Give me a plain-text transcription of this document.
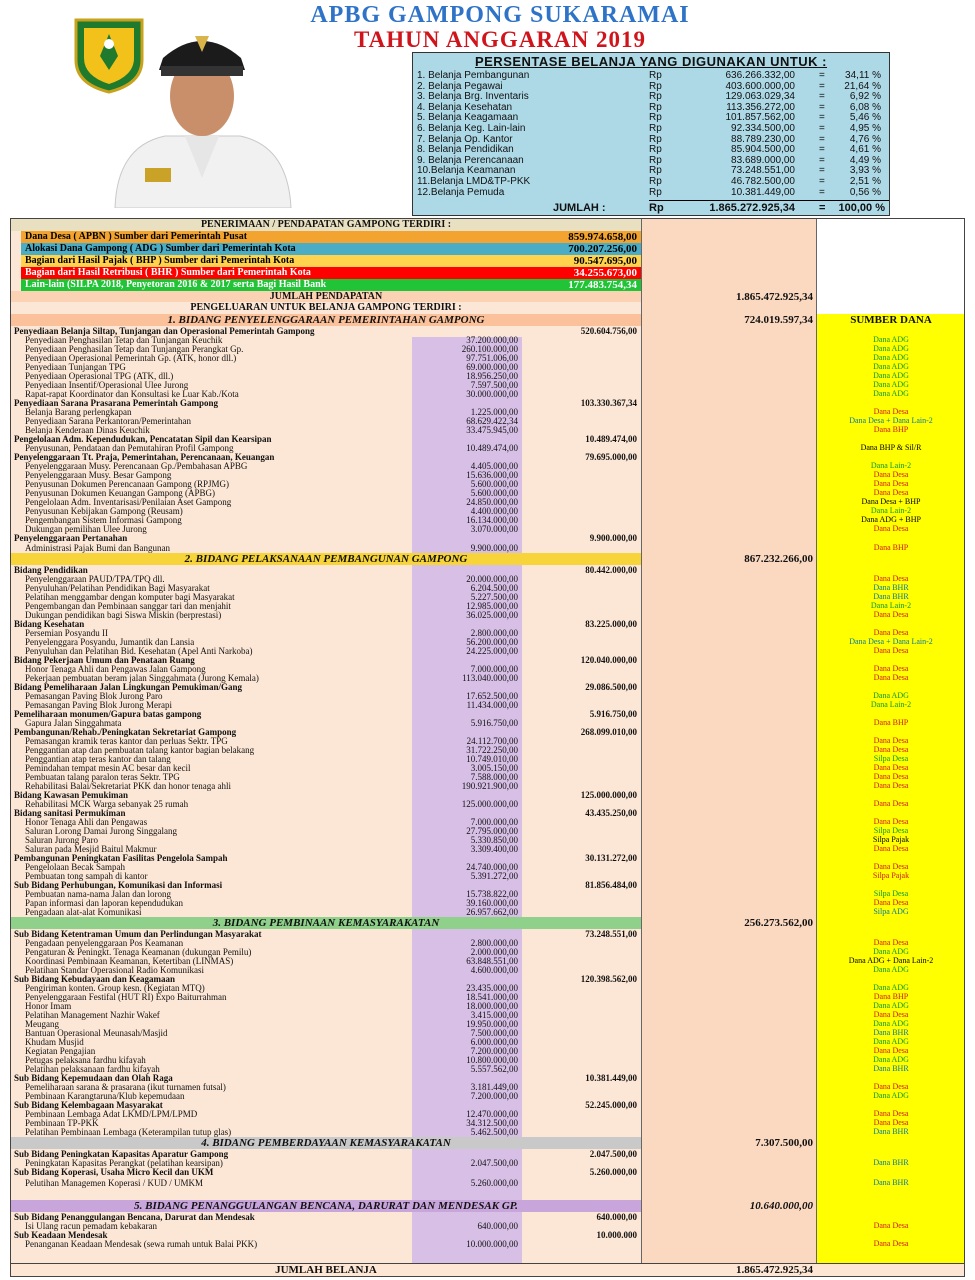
APBG GAMPONG SUKARAMAI
TAHUN ANGGARAN 2019
PERSENTASE BELANJA YANG DIGUNAKAN UNTUK :
1. Belanja Pembangunan	Rp	636.266.332,00 =	34,11 %
2. Belanja Pegawai	Rp	403.600.000,00 =	21,64 %
3. Belanja Brg. Inventaris	Rp	129.063.029,34 =	6,92 %
4. Belanja Kesehatan	Rp	113.356.272,00 =	6,08 %
5. Belanja Keagamaan	Rp	101.857.562,00 =	5,46 %
6. Belanja Keg. Lain-lain	Rp	92.334.500,00 =	4,95 %
7. Belanja Op. Kantor	Rp	88.789.230,00 =	4,76 %
8. Belanja Pendidikan	Rp	85.904.500,00 =	4,61 %
9. Belanja Perencanaan	Rp	83.689.000,00 =	4,49 %
10.Belanja Keamanan	Rp	73.248.551,00 =	3,93 %
11.Belanja LMD&TP-PKK	Rp	46.782.500,00 =	2,51 %
12.Belanja Pemuda	Rp	10.381.449,00 =	0,56 %
JUMLAH :	Rp	1.865.272.925,34 =	100,00 %
PENERIMAAN / PENDAPATAN GAMPONG TERDIRI :
Dana Desa ( APBN ) Sumber dari Pemerintah Pusat	859.974.658,00
Alokasi Dana Gampong ( ADG ) Sumber dari Pemerintah Kota	700.207.256,00
Bagian dari Hasil Pajak ( BHP ) Sumber dari Pemerintah Kota	90.547.695,00
Bagian dari Hasil Retribusi ( BHR ) Sumber dari Pemerintah Kota	34.255.673,00
Lain-lain (SILPA 2018, Penyetoran 2016 & 2017 serta Bagi Hasil Bank	177.483.754,34
JUMLAH PENDAPATAN	1.865.472.925,34
PENGELUARAN UNTUK BELANJA GAMPONG TERDIRI :
SUMBER DANA
1. BIDANG PENYELENGGARAAN PEMERINTAHAN GAMPONG	724.019.597,34
Penyediaan Belanja Siltap, Tunjangan dan Operasional Pemerintah Gampong	520.604.756,00
Penyediaan Penghasilan Tetap dan Tunjangan Keuchik	37.200.000,00	Dana ADG
Penyediaan Penghasilan Tetap dan Tunjangan Perangkat Gp.	260.100.000,00	Dana ADG
Penyediaan Operasional Pemerintah Gp. (ATK, honor dll.)	97.751.006,00	Dana ADG
Penyediaan Tunjangan TPG	69.000.000,00	Dana ADG
Penyediaan Operasional TPG (ATK, dll.)	18.956.250,00	Dana ADG
Penyediaan Insentif/Operasional Ulee Jurong	7.597.500,00	Dana ADG
Rapat-rapat Koordinator dan Konsultasi ke Luar Kab./Kota	30.000.000,00	Dana ADG
Penyediaan Sarana Prasarana Pemerintah Gampong	103.330.367,34
Belanja Barang perlengkapan	1.225.000,00	Dana Desa
Penyediaan Sarana Perkantoran/Pemerintahan	68.629.422,34	Dana Desa + Dana Lain-2
Belanja Kenderaan Dinas Keuchik	33.475.945,00	Dana BHP
Pengelolaan Adm. Kependudukan, Pencatatan Sipil dan Kearsipan	10.489.474,00
Penyusunan, Pendataan dan Pemutahiran Profil Gampong	10.489.474,00	Dana BHP & Sil/R
Penyelenggaraan Tt. Praja, Pemerintahan, Perencanaan, Keuangan	79.695.000,00
Penyelenggaraan Musy. Perencanaan Gp./Pembahasan APBG	4.405.000,00	Dana Lain-2
Penyelenggaraan Musy. Besar Gampong	15.636.000,00	Dana Desa
Penyusunan Dokumen Perencanaan Gampong (RPJMG)	5.600.000,00	Dana Desa
Penyusunan Dokumen Keuangan Gampong (APBG)	5.600.000,00	Dana Desa
Pengelolaan Adm. Inventarisasi/Penilaian Aset Gampong	24.850.000,00	Dana Desa + BHP
Penyusunan Kebijakan Gampong (Reusam)	4.400.000,00	Dana Lain-2
Pengembangan Sistem Informasi Gampong	16.134.000,00	Dana ADG + BHP
Dukungan pemilihan Ulee Jurong	3.070.000,00	Dana Desa
Penyelenggaraan Pertanahan	9.900.000,00
Administrasi Pajak Bumi dan Bangunan	9.900.000,00	Dana BHP
2. BIDANG PELAKSANAAN PEMBANGUNAN GAMPONG	867.232.266,00
Bidang Pendidikan	80.442.000,00
Penyelenggaraan PAUD/TPA/TPQ dll.	20.000.000,00	Dana Desa
Penyuluhan/Pelatihan Pendidikan Bagi Masyarakat	6.204.500,00	Dana BHR
Pelatihan menggambar dengan komputer bagi Masyarakat	5.227.500,00	Dana BHR
Pengembangan dan Pembinaan sanggar tari dan menjahit	12.985.000,00	Dana Lain-2
Dukungan pendidikan bagi Siswa Miskin (berprestasi)	36.025.000,00	Dana Desa
Bidang Kesehatan	83.225.000,00
Persemian Posyandu II	2.800.000,00	Dana Desa
Penyelenggara Posyandu, Jumantik dan Lansia	56.200.000,00	Dana Desa + Dana Lain-2
Penyuluhan dan Pelatihan Bid. Kesehatan (Apel Anti Narkoba)	24.225.000,00	Dana Desa
Bidang Pekerjaan Umum dan Penataan Ruang	120.040.000,00
Honor Tenaga Ahli dan Pengawas Jalan Gampong	7.000.000,00	Dana Desa
Pekerjaan pembuatan beram jalan Singgahmata (Jurong Kemala)	113.040.000,00	Dana Desa
Bidang Pemeliharaan Jalan Lingkungan Pemukiman/Gang	29.086.500,00
Pemasangan Paving Blok Jurong Paro	17.652.500,00	Dana ADG
Pemasangan Paving Blok Jurong Merapi	11.434.000,00	Dana Lain-2
Pemeliharaan monumen/Gapura batas gampong	5.916.750,00
Gapura Jalan Singgahmata	5.916.750,00	Dana BHP
Pembangunan/Rehab./Peningkatan Sekretariat Gampong	268.099.010,00
Pemasangan kramik teras kantor dan perluas Sektr. TPG	24.112.700,00	Dana Desa
Penggantian atap dan pembuatan talang kantor bagian belakang	31.722.250,00	Dana Desa
Penggantian atap teras kantor dan talang	10.749.010,00	Silpa Desa
Pemindahan tempat mesin AC besar dan kecil	3.005.150,00	Dana Desa
Pembuatan talang paralon teras Sektr. TPG	7.588.000,00	Dana Desa
Rehabilitasi Balai/Sekretariat PKK dan honor tenaga ahli	190.921.900,00	Dana Desa
Bidang Kawasan Pemukiman	125.000.000,00
Rehabilitasi MCK Warga sebanyak 25 rumah	125.000.000,00	Dana Desa
Bidang sanitasi Permukiman	43.435.250,00
Honor Tenaga Ahli dan Pengawas	7.000.000,00	Dana Desa
Saluran Lorong Damai Jurong Singgalang	27.795.000,00	Silpa Desa
Saluran Jurong Paro	5.330.850,00	Silpa Pajak
Saluran pada Mesjid Baitul Makmur	3.309.400,00	Dana Desa
Pembangunan Peningkatan Fasilitas Pengelola Sampah	30.131.272,00
Pengelolaan Becak Sampah	24.740.000,00	Dana Desa
Pembuatan tong sampah di kantor	5.391.272,00	Silpa Pajak
Sub Bidang Perhubungan, Komunikasi dan Informasi	81.856.484,00
Pembuatan nama-nama Jalan dan lorong	15.738.822,00	Silpa Desa
Papan informasi dan laporan kependudukan	39.160.000,00	Dana Desa
Pengadaan alat-alat Komunikasi	26.957.662,00	Silpa ADG
3. BIDANG PEMBINAAN KEMASYARAKATAN	256.273.562,00
Sub Bidang Ketentraman Umum dan Perlindungan Masyarakat	73.248.551,00
Pengadaan penyelenggaraan Pos Keamanan	2.800.000,00	Dana Desa
Pengaturan & Peningkt. Tenaga Keamanan (dukungan Pemilu)	2.000.000,00	Dana ADG
Koordinasi Pembinaan Keamanan, Ketertiban (LINMAS)	63.848.551,00	Dana ADG + Dana Lain-2
Pelatihan Standar Operasional Radio Komunikasi	4.600.000,00	Dana ADG
Sub Bidang Kebudayaan dan Keagamaan	120.398.562,00
Pengiriman konten. Group kesn. (Kegiatan MTQ)	23.435.000,00	Dana ADG
Penyelenggaraan Festifal (HUT RI) Expo Baiturrahman	18.541.000,00	Dana BHP
Honor Imam	18.000.000,00	Dana ADG
Pelatihan Management Nazhir Wakef	3.415.000,00	Dana Desa
Meugang	19.950.000,00	Dana ADG
Bantuan Operasional Meunasah/Masjid	7.500.000,00	Dana BHR
Khudam Musjid	6.000.000,00	Dana ADG
Kegiatan Pengajian	7.200.000,00	Dana Desa
Petugas pelaksana fardhu kifayah	10.800.000,00	Dana ADG
Pelatihan pelaksanaan fardhu kifayah	5.557.562,00	Dana BHR
Sub Bidang Kepemudaan dan Olah Raga	10.381.449,00
Pemeliharaan sarana & prasarana (ikut turnamen futsal)	3.181.449,00	Dana Desa
Pembinaan Karangtaruna/Klub kepemudaan	7.200.000,00	Dana ADG
Sub Bidang Kelembagaan Masyarakat	52.245.000,00
Pembinaan Lembaga Adat LKMD/LPM/LPMD	12.470.000,00	Dana Desa
Pembinaan TP-PKK	34.312.500,00	Dana Desa
Pelatihan Pembinaan Lembaga (Keterampilan tutup glas)	5.462.500,00	Dana BHR
4. BIDANG PEMBERDAYAAN KEMASYARAKATAN	7.307.500,00
Sub Bidang Peningkatan Kapasitas Aparatur Gampong	2.047.500,00
Peningkatan Kapasitas Perangkat (pelatihan kearsipan)	2.047.500,00	Dana BHR
Sub Bidang Koperasi, Usaha Micro Kecil dan UKM	5.260.000,00
Pelutihan Managemen Koperasi / KUD / UMKM	5.260.000,00	Dana BHR
5. BIDANG PENANGGULANGAN BENCANA, DARURAT DAN MENDESAK GP.	10.640.000,00
Sub Bidang Penanggulangan Bencana, Darurat dan Mendesak	640.000,00
Isi Ulang racun pemadam kebakaran	640.000,00	Dana Desa
Sub Keadaan Mendesak	10.000.000
Penanganan Keadaan Mendesak (sewa rumah untuk Balai PKK)	10.000.000,00	Dana Desa
JUMLAH BELANJA	1.865.472.925,34
